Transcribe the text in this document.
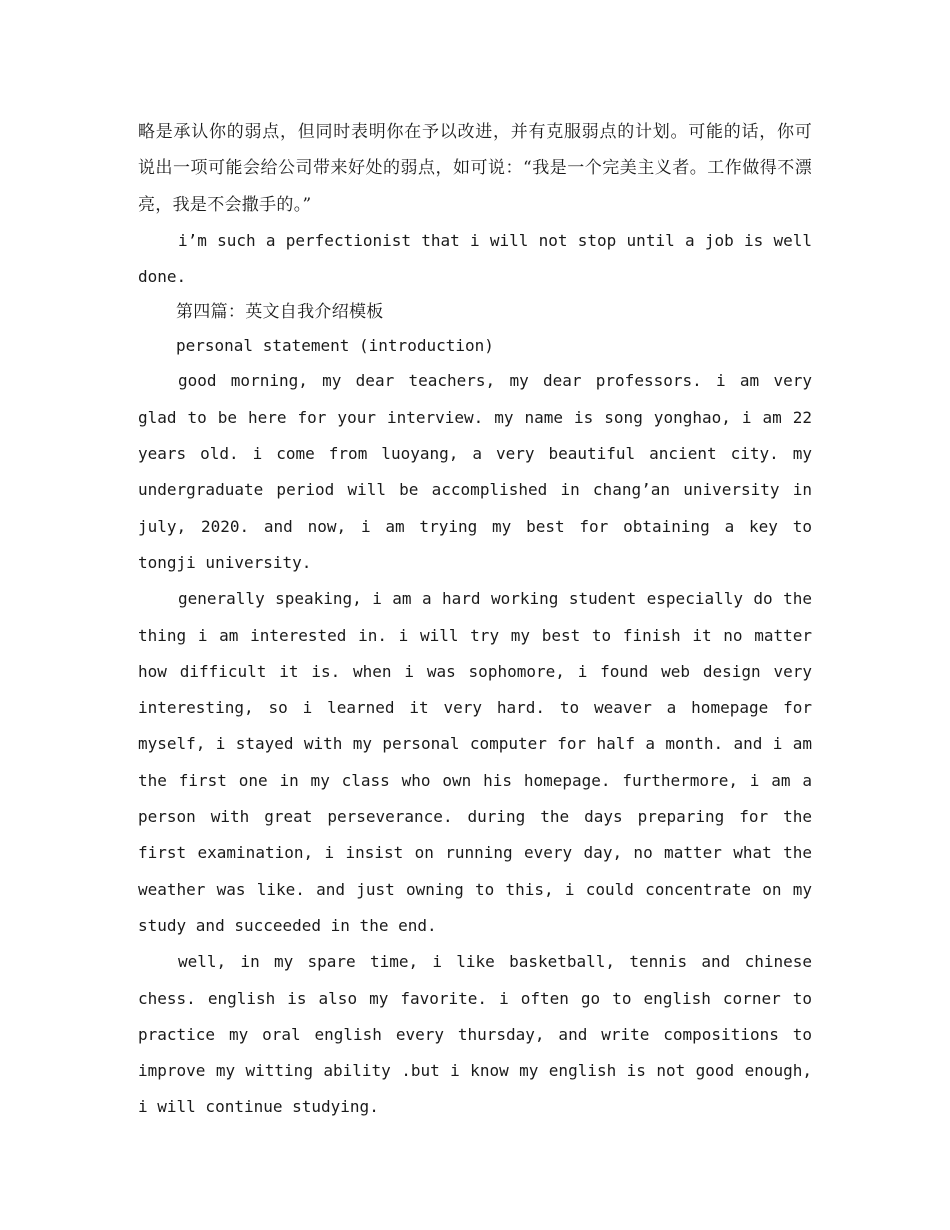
略是承认你的弱点，但同时表明你在予以改进，并有克服弱点的计划。可能的话，你可说出一项可能会给公司带来好处的弱点，如可说：“我是一个完美主义者。工作做得不漂亮，我是不会撒手的。”

i’m such a perfectionist that i will not stop until a job is well done.

第四篇：英文自我介绍模板

personal statement (introduction)

good morning, my dear teachers, my dear professors. i am very glad to be here for your interview. my name is song yonghao, i am 22 years old. i come from luoyang, a very beautiful ancient city. my undergraduate period will be accomplished in chang’an university in july, 2020. and now, i am trying my best for obtaining a key to tongji university.

generally speaking, i am a hard working student especially do the thing i am interested in. i will try my best to finish it no matter how difficult it is. when i was sophomore, i found web design very interesting, so i learned it very hard. to weaver a homepage for myself, i stayed with my personal computer for half a month. and i am the first one in my class who own his homepage. furthermore, i am a person with great perseverance. during the days preparing for the first examination, i insist on running every day, no matter what the weather was like. and just owning to this, i could concentrate on my study and succeeded in the end.

well, in my spare time, i like basketball, tennis and chinese chess. english is also my favorite. i often go to english corner to practice my oral english every thursday, and write compositions to improve my witting ability .but i know my english is not good enough, i will continue studying.
